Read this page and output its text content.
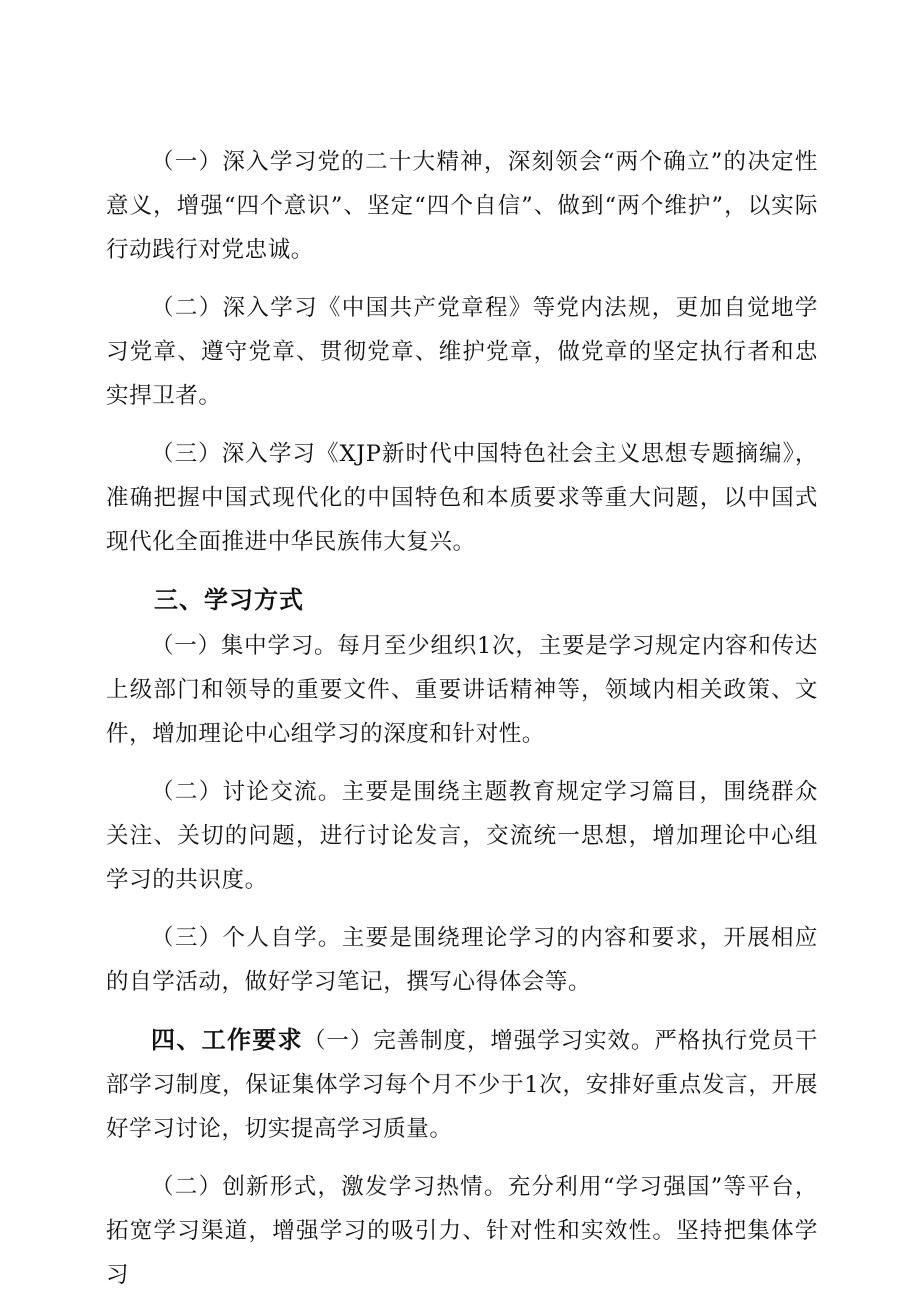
（一）深入学习党的二十大精神，深刻领会“两个确立”的决定性意义，增强“四个意识”、坚定“四个自信”、做到“两个维护”，以实际行动践行对党忠诚。

（二）深入学习《中国共产党章程》等党内法规，更加自觉地学习党章、遵守党章、贯彻党章、维护党章，做党章的坚定执行者和忠实捍卫者。

（三）深入学习《XJP新时代中国特色社会主义思想专题摘编》，准确把握中国式现代化的中国特色和本质要求等重大问题，以中国式现代化全面推进中华民族伟大复兴。

三、学习方式

（一）集中学习。每月至少组织1次，主要是学习规定内容和传达上级部门和领导的重要文件、重要讲话精神等，领域内相关政策、文件，增加理论中心组学习的深度和针对性。

（二）讨论交流。主要是围绕主题教育规定学习篇目，围绕群众关注、关切的问题，进行讨论发言，交流统一思想，增加理论中心组学习的共识度。

（三）个人自学。主要是围绕理论学习的内容和要求，开展相应的自学活动，做好学习笔记，撰写心得体会等。

四、工作要求（一）完善制度，增强学习实效。严格执行党员干部学习制度，保证集体学习每个月不少于1次，安排好重点发言，开展好学习讨论，切实提高学习质量。

（二）创新形式，激发学习热情。充分利用“学习强国”等平台，拓宽学习渠道，增强学习的吸引力、针对性和实效性。坚持把集体学习
